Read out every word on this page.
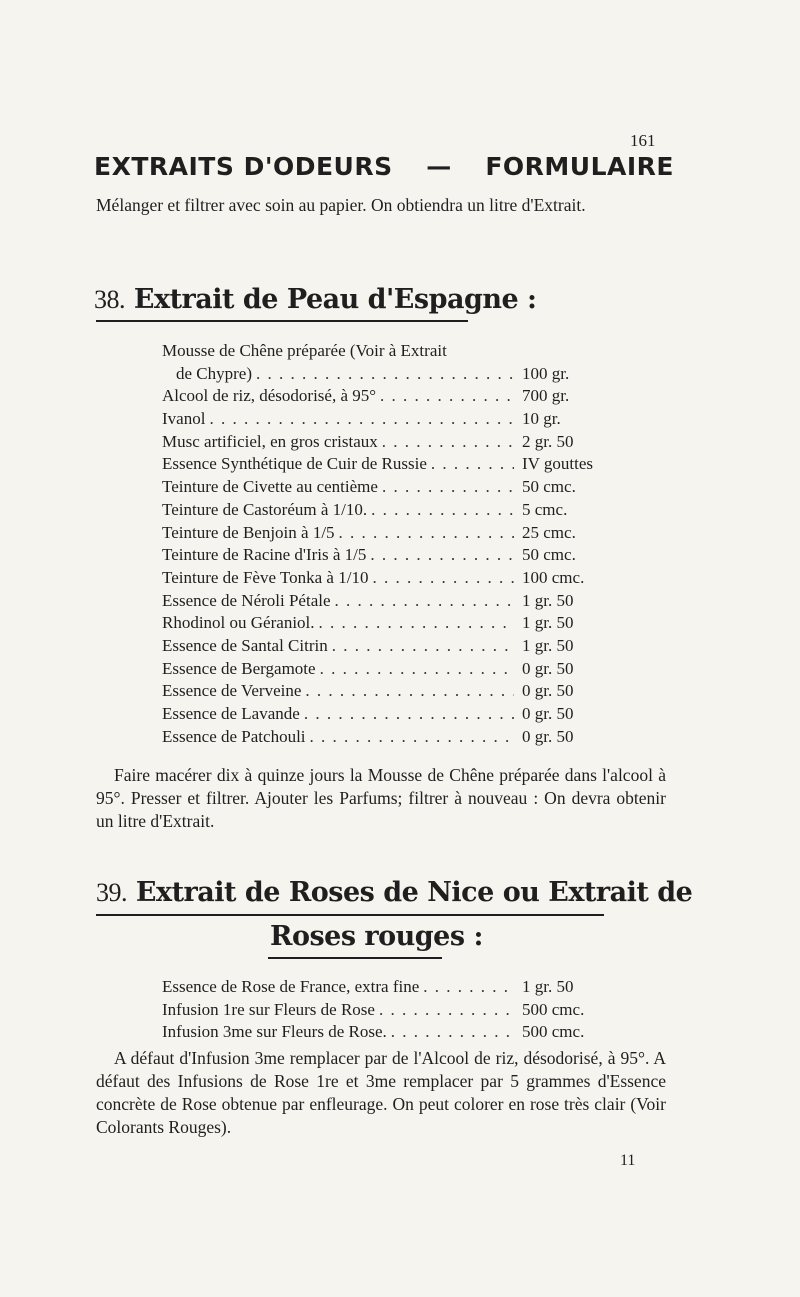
161
EXTRAITS D'ODEURS — FORMULAIRE

Mélanger et filtrer avec soin au papier. On obtiendra un litre d'Extrait.

38. Extrait de Peau d'Espagne :
Mousse de Chêne préparée (Voir à Extrait
de Chypre) . . .	100 gr.
Alcool de riz, désodorisé, à 95° . . .	700 gr.
Ivanol . . .	10 gr.
Musc artificiel, en gros cristaux . . .	2 gr. 50
Essence Synthétique de Cuir de Russie . . .	IV gouttes
Teinture de Civette au centième . . .	50 cmc.
Teinture de Castoréum à 1/10. . . .	5 cmc.
Teinture de Benjoin à 1/5 . . .	25 cmc.
Teinture de Racine d'Iris à 1/5 . . .	50 cmc.
Teinture de Fève Tonka à 1/10 . . .	100 cmc.
Essence de Néroli Pétale . . .	1 gr. 50
Rhodinol ou Géraniol. . . .	1 gr. 50
Essence de Santal Citrin . . .	1 gr. 50
Essence de Bergamote . . .	0 gr. 50
Essence de Verveine . . .	0 gr. 50
Essence de Lavande . . .	0 gr. 50
Essence de Patchouli . . .	0 gr. 50

Faire macérer dix à quinze jours la Mousse de Chêne préparée dans l'alcool à 95°. Presser et filtrer. Ajouter les Parfums; filtrer à nouveau : On devra obtenir un litre d'Extrait.

39. Extrait de Roses de Nice ou Extrait de
Roses rouges :
Essence de Rose de France, extra fine . . .	1 gr. 50
Infusion 1re sur Fleurs de Rose . . .	500 cmc.
Infusion 3me sur Fleurs de Rose. . . .	500 cmc.

A défaut d'Infusion 3me remplacer par de l'Alcool de riz, désodorisé, à 95°. A défaut des Infusions de Rose 1re et 3me remplacer par 5 grammes d'Essence concrète de Rose obtenue par enfleurage. On peut colorer en rose très clair (Voir Colorants Rouges).

11
